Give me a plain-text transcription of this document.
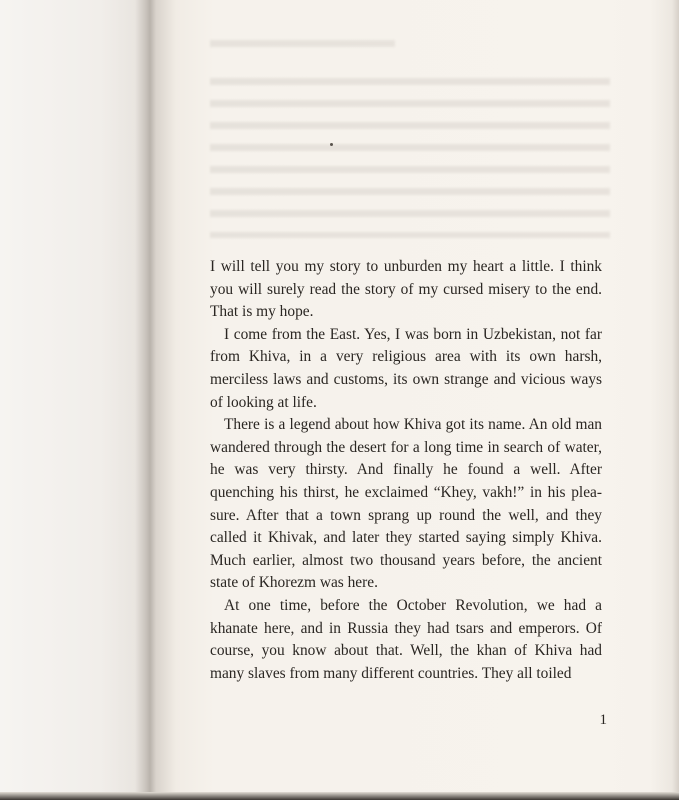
I will tell you my story to unburden my heart a little. I think you will surely read the story of my cursed misery to the end. That is my hope.

I come from the East. Yes, I was born in Uzbekistan, not far from Khiva, in a very religious area with its own harsh, merciless laws and customs, its own strange and vicious ways of looking at life.

There is a legend about how Khiva got its name. An old man wandered through the desert for a long time in search of water, he was very thirsty. And finally he found a well. After quenching his thirst, he exclaimed “Khey, vakh!” in his pleasure. After that a town sprang up round the well, and they called it Khivak, and later they started saying simply Khiva. Much earlier, almost two thousand years before, the ancient state of Khorezm was here.

At one time, before the October Revolution, we had a khanate here, and in Russia they had tsars and emperors. Of course, you know about that. Well, the khan of Khiva had many slaves from many different countries. They all toiled

1
